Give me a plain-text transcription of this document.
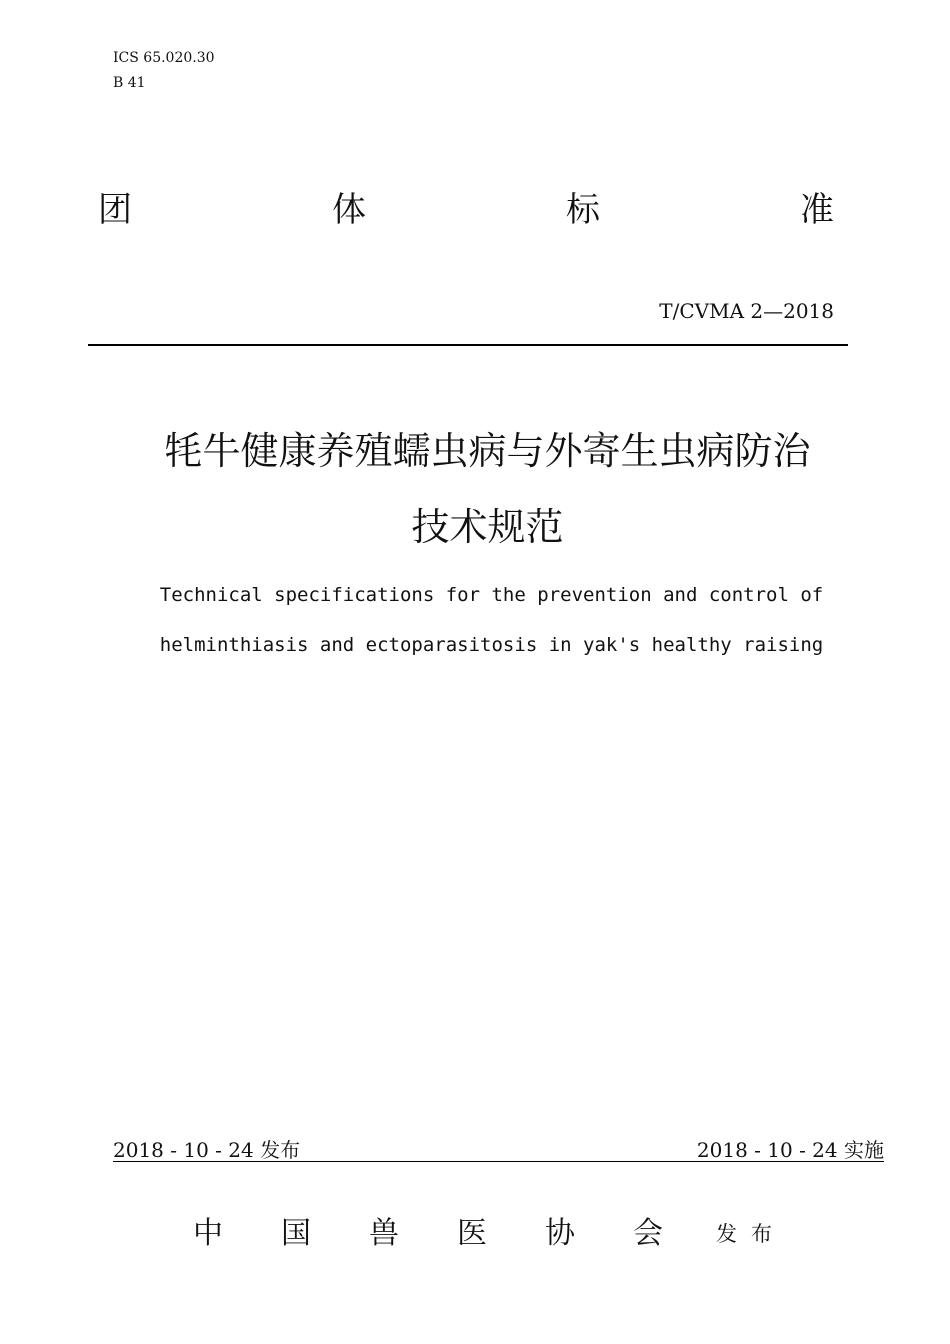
ICS 65.020.30
B 41
团	体	标	准
T/CVMA 2—2018
牦牛健康养殖蠕虫病与外寄生虫病防治
技术规范
Technical specifications for the prevention and control of
helminthiasis and ectoparasitosis in yak's healthy raising
2018 - 10 - 24 发布	2018 - 10 - 24 实施
中 国 兽 医 协 会	发布
